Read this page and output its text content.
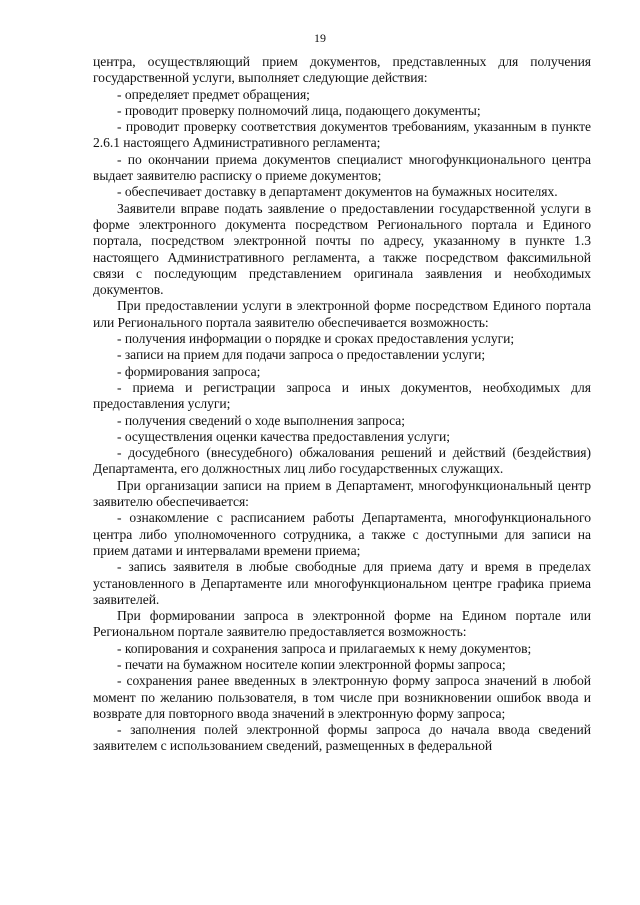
19

центра, осуществляющий прием документов, представленных для получения государственной услуги, выполняет следующие действия:

- определяет предмет обращения;

- проводит проверку полномочий лица, подающего документы;

- проводит проверку соответствия документов требованиям, указанным в пункте 2.6.1 настоящего Административного регламента;

- по окончании приема документов специалист многофункционального центра выдает заявителю расписку о приеме документов;

- обеспечивает доставку в департамент документов на бумажных носителях.

Заявители вправе подать заявление о предоставлении государственной услуги в форме электронного документа посредством Регионального портала и Единого портала, посредством электронной почты по адресу, указанному в пункте 1.3 настоящего Административного регламента, а также посредством факсимильной связи с последующим представлением оригинала заявления и необходимых документов.

При предоставлении услуги в электронной форме посредством Единого портала или Регионального портала заявителю обеспечивается возможность:

- получения информации о порядке и сроках предоставления услуги;

- записи на прием для подачи запроса о предоставлении услуги;

- формирования запроса;

- приема и регистрации запроса и иных документов, необходимых для предоставления услуги;

- получения сведений о ходе выполнения запроса;

- осуществления оценки качества предоставления услуги;

- досудебного (внесудебного) обжалования решений и действий (бездействия) Департамента, его должностных лиц либо государственных служащих.

При организации записи на прием в Департамент, многофункциональный центр заявителю обеспечивается:

- ознакомление с расписанием работы Департамента, многофункционального центра либо уполномоченного сотрудника, а также с доступными для записи на прием датами и интервалами времени приема;

- запись заявителя в любые свободные для приема дату и время в пределах установленного в Департаменте или многофункциональном центре графика приема заявителей.

При формировании запроса в электронной форме на Едином портале или Региональном портале заявителю предоставляется возможность:

- копирования и сохранения запроса и прилагаемых к нему документов;

- печати на бумажном носителе копии электронной формы запроса;

- сохранения ранее введенных в электронную форму запроса значений в любой момент по желанию пользователя, в том числе при возникновении ошибок ввода и возврате для повторного ввода значений в электронную форму запроса;

- заполнения полей электронной формы запроса до начала ввода сведений заявителем с использованием сведений, размещенных в федеральной
